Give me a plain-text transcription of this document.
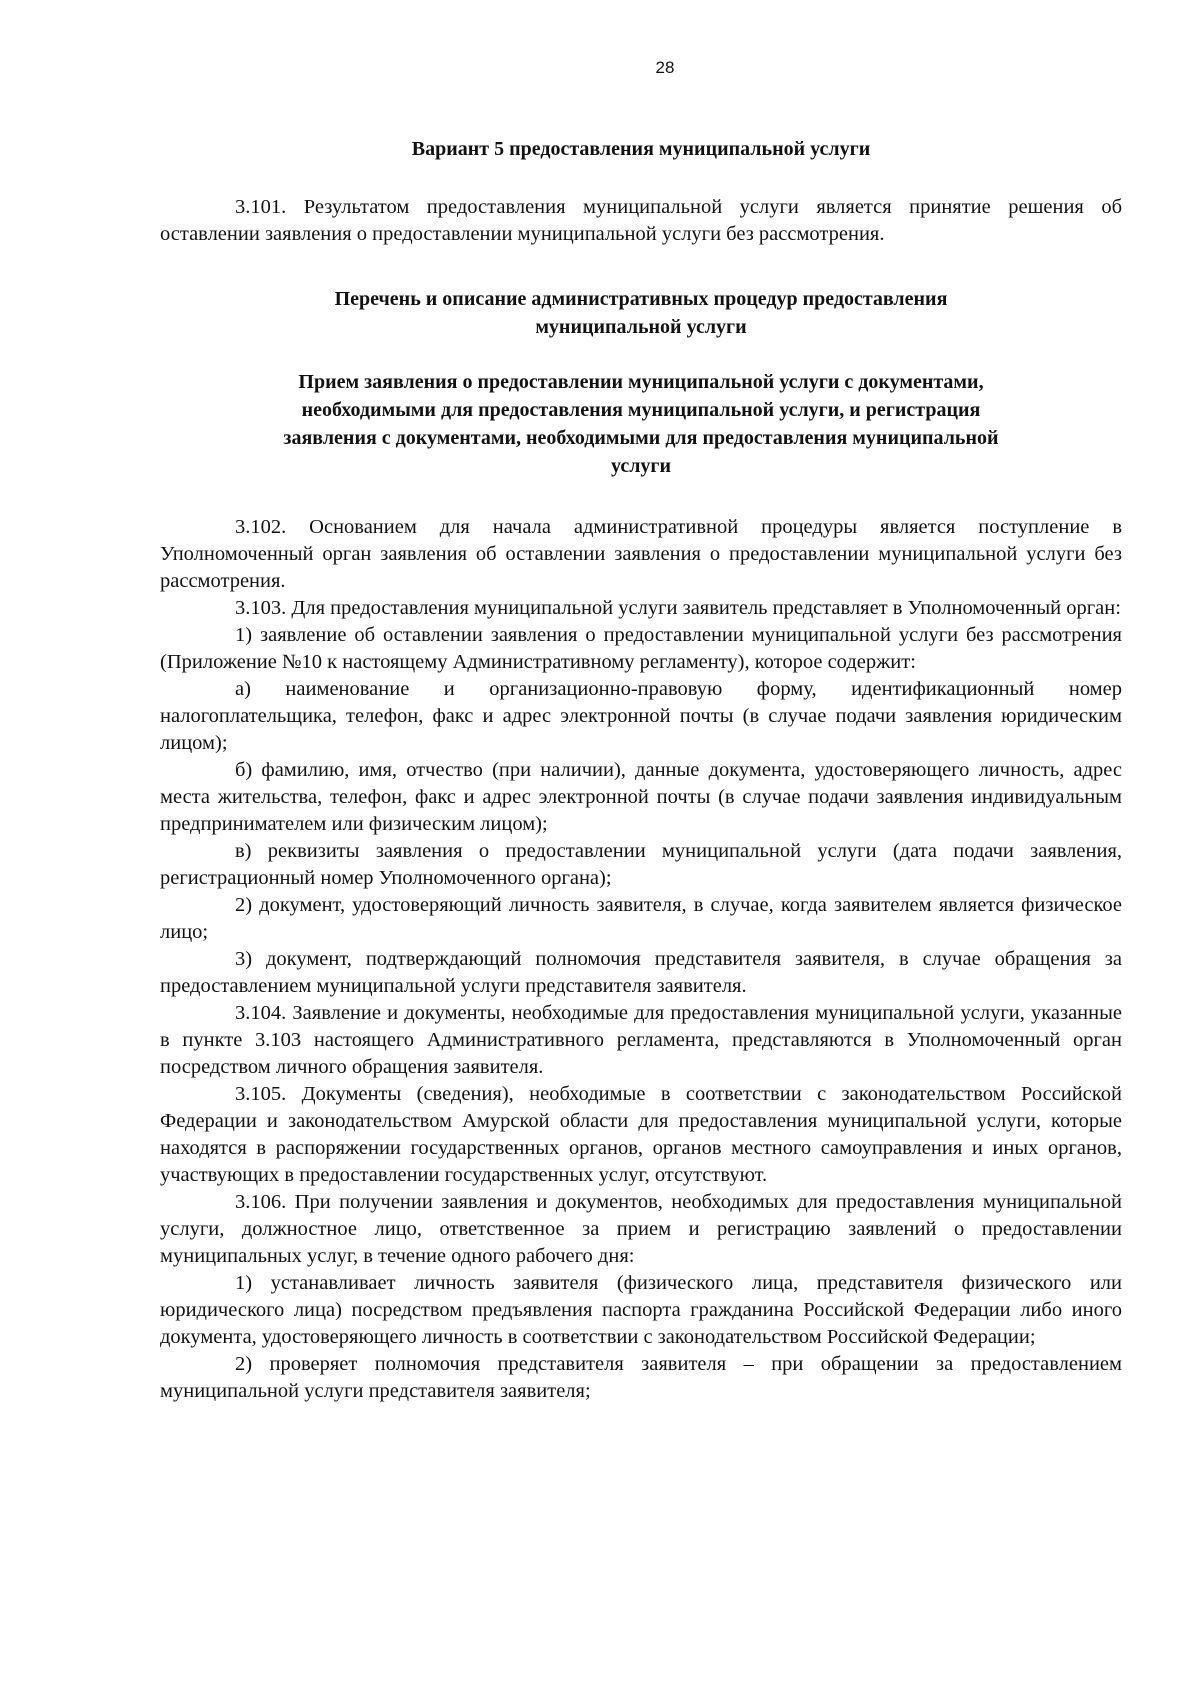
28
Вариант 5 предоставления муниципальной услуги

3.101. Результатом предоставления муниципальной услуги является принятие решения об оставлении заявления о предоставлении муниципальной услуги без рассмотрения.

Перечень и описание административных процедур предоставления
муниципальной услуги
Прием заявления о предоставлении муниципальной услуги с документами,
необходимыми для предоставления муниципальной услуги, и регистрация
заявления с документами, необходимыми для предоставления муниципальной
услуги

3.102. Основанием для начала административной процедуры является поступление в Уполномоченный орган заявления об оставлении заявления о предоставлении муниципальной услуги без рассмотрения.

3.103. Для предоставления муниципальной услуги заявитель представляет в Уполномоченный орган:

1) заявление об оставлении заявления о предоставлении муниципальной услуги без рассмотрения (Приложение №10 к настоящему Административному регламенту), которое содержит:

а) наименование и организационно-правовую форму, идентификационный номер налогоплательщика, телефон, факс и адрес электронной почты (в случае подачи заявления юридическим лицом);

б) фамилию, имя, отчество (при наличии), данные документа, удостоверяющего личность, адрес места жительства, телефон, факс и адрес электронной почты (в случае подачи заявления индивидуальным предпринимателем или физическим лицом);

в) реквизиты заявления о предоставлении муниципальной услуги (дата подачи заявления, регистрационный номер Уполномоченного органа);

2) документ, удостоверяющий личность заявителя, в случае, когда заявителем является физическое лицо;

3) документ, подтверждающий полномочия представителя заявителя, в случае обращения за предоставлением муниципальной услуги представителя заявителя.

3.104. Заявление и документы, необходимые для предоставления муниципальной услуги, указанные в пункте 3.103 настоящего Административного регламента, представляются в Уполномоченный орган посредством личного обращения заявителя.

3.105. Документы (сведения), необходимые в соответствии с законодательством Российской Федерации и законодательством Амурской области для предоставления муниципальной услуги, которые находятся в распоряжении государственных органов, органов местного самоуправления и иных органов, участвующих в предоставлении государственных услуг, отсутствуют.

3.106. При получении заявления и документов, необходимых для предоставления муниципальной услуги, должностное лицо, ответственное за прием и регистрацию заявлений о предоставлении муниципальных услуг, в течение одного рабочего дня:

1) устанавливает личность заявителя (физического лица, представителя физического или юридического лица) посредством предъявления паспорта гражданина Российской Федерации либо иного документа, удостоверяющего личность в соответствии с законодательством Российской Федерации;

2) проверяет полномочия представителя заявителя – при обращении за предоставлением муниципальной услуги представителя заявителя;
